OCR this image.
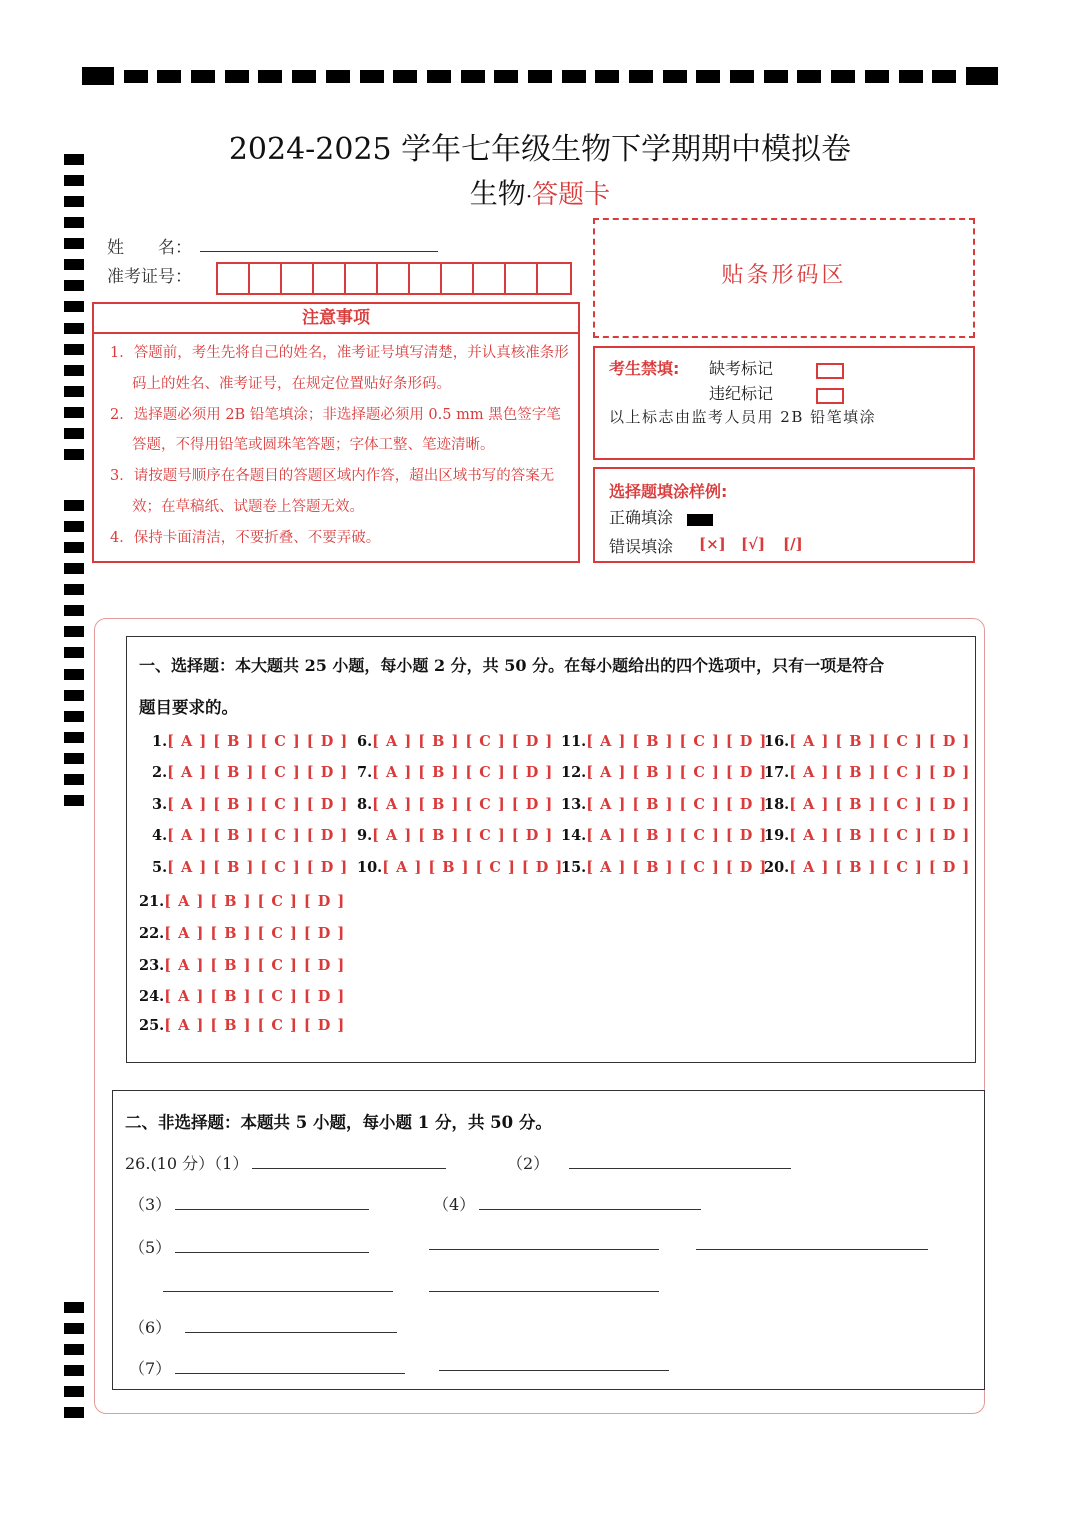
2024-2025 学年七年级生物下学期期中模拟卷
生物·答题卡
姓　　名：
准考证号：
注意事项

1．答题前，考生先将自己的姓名，准考证号填写清楚，并认真核准条形码上的姓名、准考证号，在规定位置贴好条形码。

2．选择题必须用 2B 铅笔填涂；非选择题必须用 0.5 mm 黑色签字笔答题，不得用铅笔或圆珠笔答题；字体工整、笔迹清晰。

3．请按题号顺序在各题目的答题区域内作答，超出区域书写的答案无效；在草稿纸、试题卷上答题无效。

4．保持卡面清洁，不要折叠、不要弄破。

贴条形码区
考生禁填: 缺考标记
违纪标记
以上标志由监考人员用 2B 铅笔填涂
选择题填涂样例:
正确填涂
错误填涂 [×] [√] [/]
一、选择题：本大题共 25 小题，每小题 2 分，共 50 分。在每小题给出的四个选项中，只有一项是符合
题目要求的。
1.[ A ] [ B ] [ C ] [ D ]
2.[ A ] [ B ] [ C ] [ D ]
3.[ A ] [ B ] [ C ] [ D ]
4.[ A ] [ B ] [ C ] [ D ]
5.[ A ] [ B ] [ C ] [ D ]
6.[ A ] [ B ] [ C ] [ D ]
7.[ A ] [ B ] [ C ] [ D ]
8.[ A ] [ B ] [ C ] [ D ]
9.[ A ] [ B ] [ C ] [ D ]
10.[ A ] [ B ] [ C ] [ D ]
11.[ A ] [ B ] [ C ] [ D ]
12.[ A ] [ B ] [ C ] [ D ]
13.[ A ] [ B ] [ C ] [ D ]
14.[ A ] [ B ] [ C ] [ D ]
15.[ A ] [ B ] [ C ] [ D ]
16.[ A ] [ B ] [ C ] [ D ]
17.[ A ] [ B ] [ C ] [ D ]
18.[ A ] [ B ] [ C ] [ D ]
19.[ A ] [ B ] [ C ] [ D ]
20.[ A ] [ B ] [ C ] [ D ]
21.[ A ] [ B ] [ C ] [ D ]
22.[ A ] [ B ] [ C ] [ D ]
23.[ A ] [ B ] [ C ] [ D ]
24.[ A ] [ B ] [ C ] [ D ]
25.[ A ] [ B ] [ C ] [ D ]
二、非选择题：本题共 5 小题，每小题 1 分，共 50 分。
26.(10 分）（1）	（2）
（3）	（4）
（5）
（6）
（7）
